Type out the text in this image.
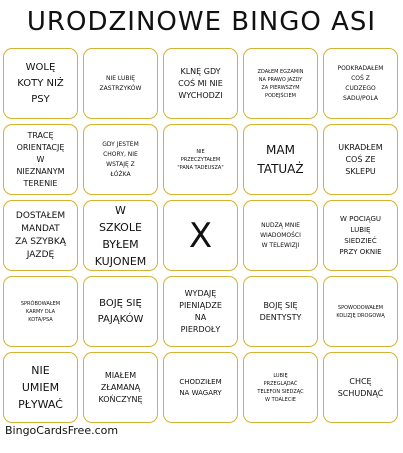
URODZINOWE BINGO ASI
WOLĘ
KOTY NIŻ
PSY
NIE LUBIĘ
ZASTRZYKÓW
KLNĘ GDY
COŚ MI NIE
WYCHODZI
ZDAŁEM EGZAMIN
NA PRAWO JAZDY
ZA PIERWSZYM
PODEJŚCIEM
PODKRADAŁEM
COŚ Z
CUDZEGO
SADU/POLA
TRACĘ
ORIENTACJĘ
W
NIEZNANYM
TERENIE
GDY JESTEM
CHORY, NIE
WSTAJĘ Z
ŁÓŻKA
NIE
PRZECZYTAŁEM
"PANA TADEUSZA"
MAM
TATUAŻ
UKRADŁEM
COŚ ZE
SKLEPU
DOSTAŁEM
MANDAT
ZA SZYBKĄ
JAZDĘ
W
SZKOLE
BYŁEM
KUJONEM
X	NUDZĄ MNIE
WIADOMOŚCI
W TELEWIZJI
W POCIĄGU
LUBIĘ
SIEDZIEĆ
PRZY OKNIE
SPRÓBOWAŁEM
KARMY DLA
KOTA/PSA
BOJĘ SIĘ
PAJĄKÓW
WYDAJĘ
PIENIĄDZE
NA
PIERDOŁY
BOJĘ SIĘ
DENTYSTY
SPOWODOWAŁEM
KOLIZJĘ DROGOWĄ
NIE
UMIEM
PŁYWAĆ
MIAŁEM
ZŁAMANĄ
KOŃCZYNĘ
CHODZIŁEM
NA WAGARY
LUBIĘ
PRZEGLĄDAĆ
TELEFON SIEDZĄC
W TOALECIE
CHCĘ
SCHUDNĄĆ
BingoCardsFree.com
